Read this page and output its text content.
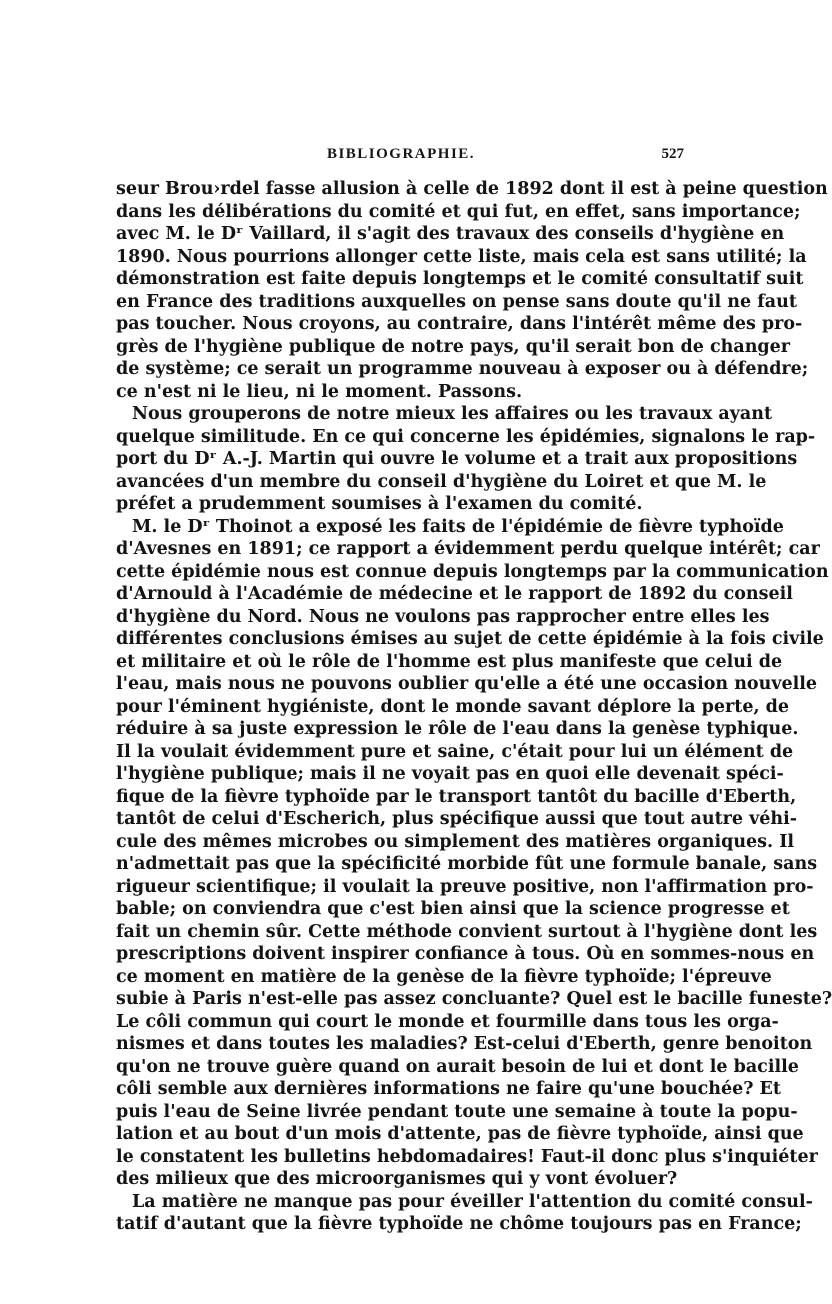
BIBLIOGRAPHIE.	527
seur Brou›rdel fasse allusion à celle de 1892 dont il est à peine question
dans les délibérations du comité et qui fut, en effet, sans importance;
avec M. le Dʳ Vaillard, il s'agit des travaux des conseils d'hygiène en
1890. Nous pourrions allonger cette liste, mais cela est sans utilité; la
démonstration est faite depuis longtemps et le comité consultatif suit
en France des traditions auxquelles on pense sans doute qu'il ne faut
pas toucher. Nous croyons, au contraire, dans l'intérêt même des pro-
grès de l'hygiène publique de notre pays, qu'il serait bon de changer
de système; ce serait un programme nouveau à exposer ou à défendre;
ce n'est ni le lieu, ni le moment. Passons.
Nous grouperons de notre mieux les affaires ou les travaux ayant
quelque similitude. En ce qui concerne les épidémies, signalons le rap-
port du Dʳ A.-J. Martin qui ouvre le volume et a trait aux propositions
avancées d'un membre du conseil d'hygiène du Loiret et que M. le
préfet a prudemment soumises à l'examen du comité.
M. le Dʳ Thoinot a exposé les faits de l'épidémie de fièvre typhoïde
d'Avesnes en 1891; ce rapport a évidemment perdu quelque intérêt; car
cette épidémie nous est connue depuis longtemps par la communication
d'Arnould à l'Académie de médecine et le rapport de 1892 du conseil
d'hygiène du Nord. Nous ne voulons pas rapprocher entre elles les
différentes conclusions émises au sujet de cette épidémie à la fois civile
et militaire et où le rôle de l'homme est plus manifeste que celui de
l'eau, mais nous ne pouvons oublier qu'elle a été une occasion nouvelle
pour l'éminent hygiéniste, dont le monde savant déplore la perte, de
réduire à sa juste expression le rôle de l'eau dans la genèse typhique.
Il la voulait évidemment pure et saine, c'était pour lui un élément de
l'hygiène publique; mais il ne voyait pas en quoi elle devenait spéci-
fique de la fièvre typhoïde par le transport tantôt du bacille d'Eberth,
tantôt de celui d'Escherich, plus spécifique aussi que tout autre véhi-
cule des mêmes microbes ou simplement des matières organiques. Il
n'admettait pas que la spécificité morbide fût une formule banale, sans
rigueur scientifique; il voulait la preuve positive, non l'affirmation pro-
bable; on conviendra que c'est bien ainsi que la science progresse et
fait un chemin sûr. Cette méthode convient surtout à l'hygiène dont les
prescriptions doivent inspirer confiance à tous. Où en sommes-nous en
ce moment en matière de la genèse de la fièvre typhoïde; l'épreuve
subie à Paris n'est-elle pas assez concluante? Quel est le bacille funeste?
Le côli commun qui court le monde et fourmille dans tous les orga-
nismes et dans toutes les maladies? Est-celui d'Eberth, genre benoiton
qu'on ne trouve guère quand on aurait besoin de lui et dont le bacille
côli semble aux dernières informations ne faire qu'une bouchée? Et
puis l'eau de Seine livrée pendant toute une semaine à toute la popu-
lation et au bout d'un mois d'attente, pas de fièvre typhoïde, ainsi que
le constatent les bulletins hebdomadaires! Faut-il donc plus s'inquiéter
des milieux que des microorganismes qui y vont évoluer?
La matière ne manque pas pour éveiller l'attention du comité consul-
tatif d'autant que la fièvre typhoïde ne chôme toujours pas en France;
